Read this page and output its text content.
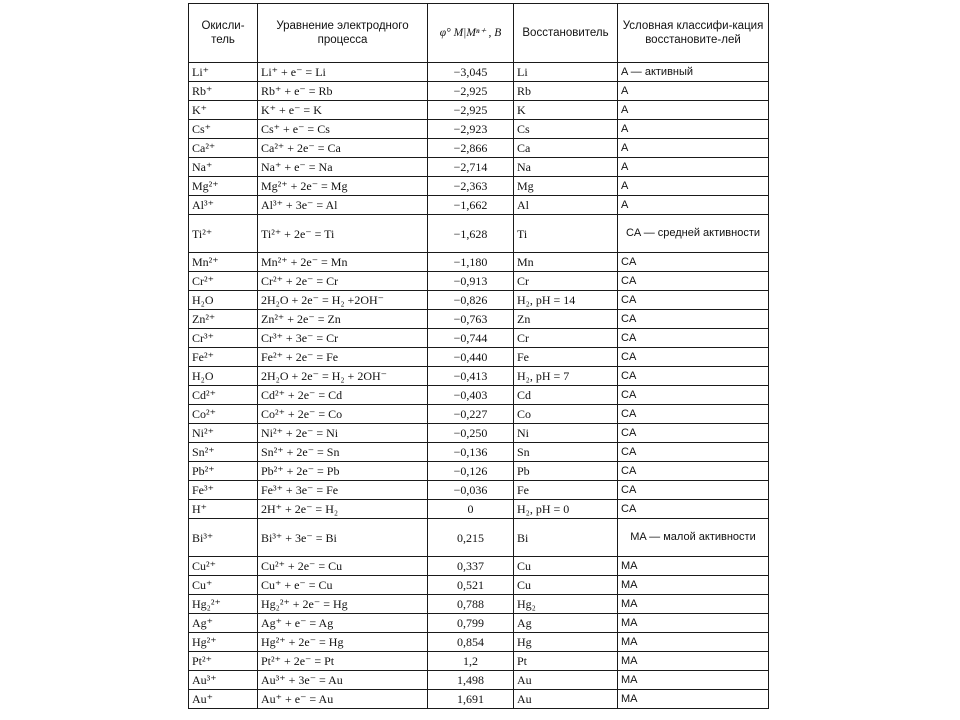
Окисли-тель	Уравнение электродного процесса	φ° M|Mⁿ⁺ , B	Восстановитель	Условная классифи-кация восстановите-лей
Li⁺	Li⁺ + e⁻ = Li	−3,045	Li	A — активный
Rb⁺	Rb⁺ + e⁻ = Rb	−2,925	Rb	A
K⁺	K⁺ + e⁻ = K	−2,925	K	A
Cs⁺	Cs⁺ + e⁻ = Cs	−2,923	Cs	A
Ca²⁺	Ca²⁺ + 2e⁻ = Ca	−2,866	Ca	A
Na⁺	Na⁺ + e⁻ = Na	−2,714	Na	A
Mg²⁺	Mg²⁺ + 2e⁻ = Mg	−2,363	Mg	A
Al³⁺	Al³⁺ + 3e⁻ = Al	−1,662	Al	A
Ti²⁺	Ti²⁺ + 2e⁻ = Ti	−1,628	Ti	CA — средней активности
Mn²⁺	Mn²⁺ + 2e⁻ = Mn	−1,180	Mn	CA
Cr²⁺	Cr²⁺ + 2e⁻ = Cr	−0,913	Cr	CA
H₂O	2H₂O + 2e⁻ = H₂ +2OH⁻	−0,826	H₂, pH = 14	CA
Zn²⁺	Zn²⁺ + 2e⁻ = Zn	−0,763	Zn	CA
Cr³⁺	Cr³⁺ + 3e⁻ = Cr	−0,744	Cr	CA
Fe²⁺	Fe²⁺ + 2e⁻ = Fe	−0,440	Fe	CA
H₂O	2H₂O + 2e⁻ = H₂ + 2OH⁻	−0,413	H₂, pH = 7	CA
Cd²⁺	Cd²⁺ + 2e⁻ = Cd	−0,403	Cd	CA
Co²⁺	Co²⁺ + 2e⁻ = Co	−0,227	Co	CA
Ni²⁺	Ni²⁺ + 2e⁻ = Ni	−0,250	Ni	CA
Sn²⁺	Sn²⁺ + 2e⁻ = Sn	−0,136	Sn	CA
Pb²⁺	Pb²⁺ + 2e⁻ = Pb	−0,126	Pb	CA
Fe³⁺	Fe³⁺ + 3e⁻ = Fe	−0,036	Fe	CA
H⁺	2H⁺ + 2e⁻ = H₂	0	H₂, pH = 0	CA
Bi³⁺	Bi³⁺ + 3e⁻ = Bi	0,215	Bi	MA — малой активности
Cu²⁺	Cu²⁺ + 2e⁻ = Cu	0,337	Cu	MA
Cu⁺	Cu⁺ + e⁻ = Cu	0,521	Cu	MA
Hg₂²⁺	Hg₂²⁺ + 2e⁻ = Hg	0,788	Hg₂	MA
Ag⁺	Ag⁺ + e⁻ = Ag	0,799	Ag	MA
Hg²⁺	Hg²⁺ + 2e⁻ = Hg	0,854	Hg	MA
Pt²⁺	Pt²⁺ + 2e⁻ = Pt	1,2	Pt	MA
Au³⁺	Au³⁺ + 3e⁻ = Au	1,498	Au	MA
Au⁺	Au⁺ + e⁻ = Au	1,691	Au	MA
